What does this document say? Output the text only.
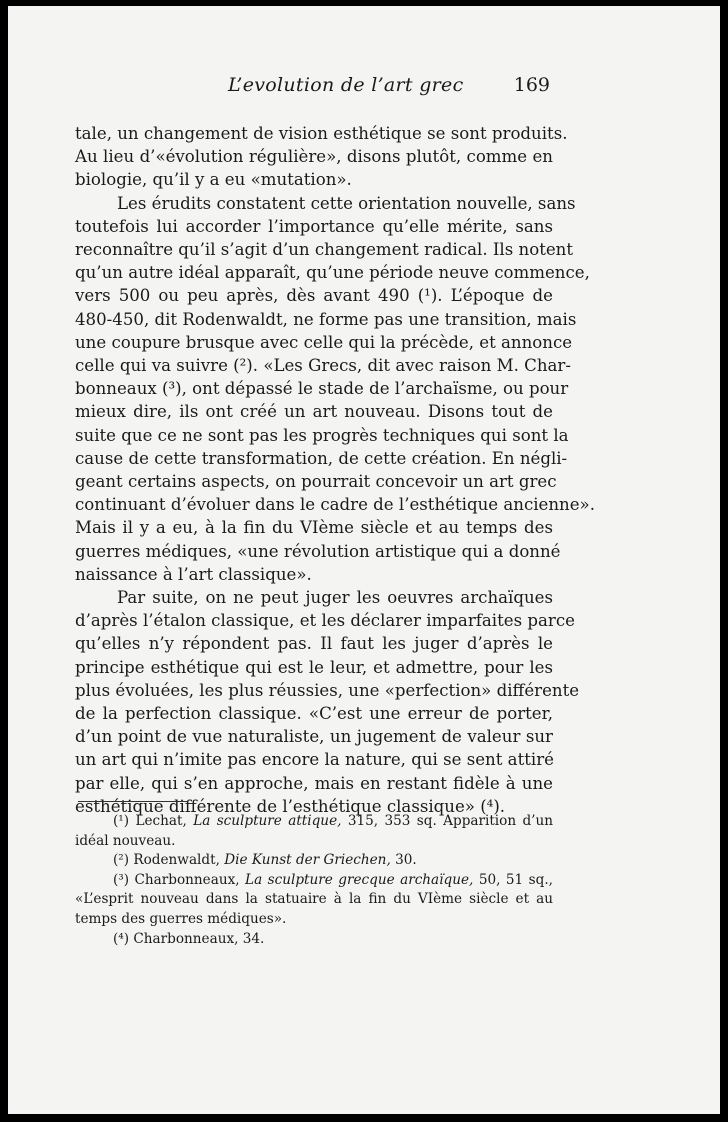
L’evolution de l’art grec	169
tale, un changement de vision esthétique se sont produits.
Au lieu d’«évolution régulière», disons plutôt, comme en
biologie, qu’il y a eu «mutation».
Les érudits constatent cette orientation nouvelle, sans
toutefois lui accorder l’importance qu’elle mérite, sans
reconnaître qu’il s’agit d’un changement radical. Ils notent
qu’un autre idéal apparaît, qu’une période neuve commence,
vers 500 ou peu après, dès avant 490 (¹). L’époque de
480-450, dit Rodenwaldt, ne forme pas une transition, mais
une coupure brusque avec celle qui la précède, et annonce
celle qui va suivre (²). «Les Grecs, dit avec raison M. Char-
bonneaux (³), ont dépassé le stade de l’archaïsme, ou pour
mieux dire, ils ont créé un art nouveau. Disons tout de
suite que ce ne sont pas les progrès techniques qui sont la
cause de cette transformation, de cette création. En négli-
geant certains aspects, on pourrait concevoir un art grec
continuant d’évoluer dans le cadre de l’esthétique ancienne».
Mais il y a eu, à la fin du VIème siècle et au temps des
guerres médiques, «une révolution artistique qui a donné
naissance à l’art classique».
Par suite, on ne peut juger les oeuvres archaïques
d’après l’étalon classique, et les déclarer imparfaites parce
qu’elles n’y répondent pas. Il faut les juger d’après le
principe esthétique qui est le leur, et admettre, pour les
plus évoluées, les plus réussies, une «perfection» différente
de la perfection classique. «C’est une erreur de porter,
d’un point de vue naturaliste, un jugement de valeur sur
un art qui n’imite pas encore la nature, qui se sent attiré
par elle, qui s’en approche, mais en restant fidèle à une
esthétique différente de l’esthétique classique» (⁴).
(¹) Lechat, La sculpture attique, 315, 353 sq. Apparition d’un
idéal nouveau.
(²) Rodenwaldt, Die Kunst der Griechen, 30.
(³) Charbonneaux, La sculpture grecque archaïque, 50, 51 sq.,
«L’esprit nouveau dans la statuaire à la fin du VIème siècle et au
temps des guerres médiques».
(⁴) Charbonneaux, 34.
